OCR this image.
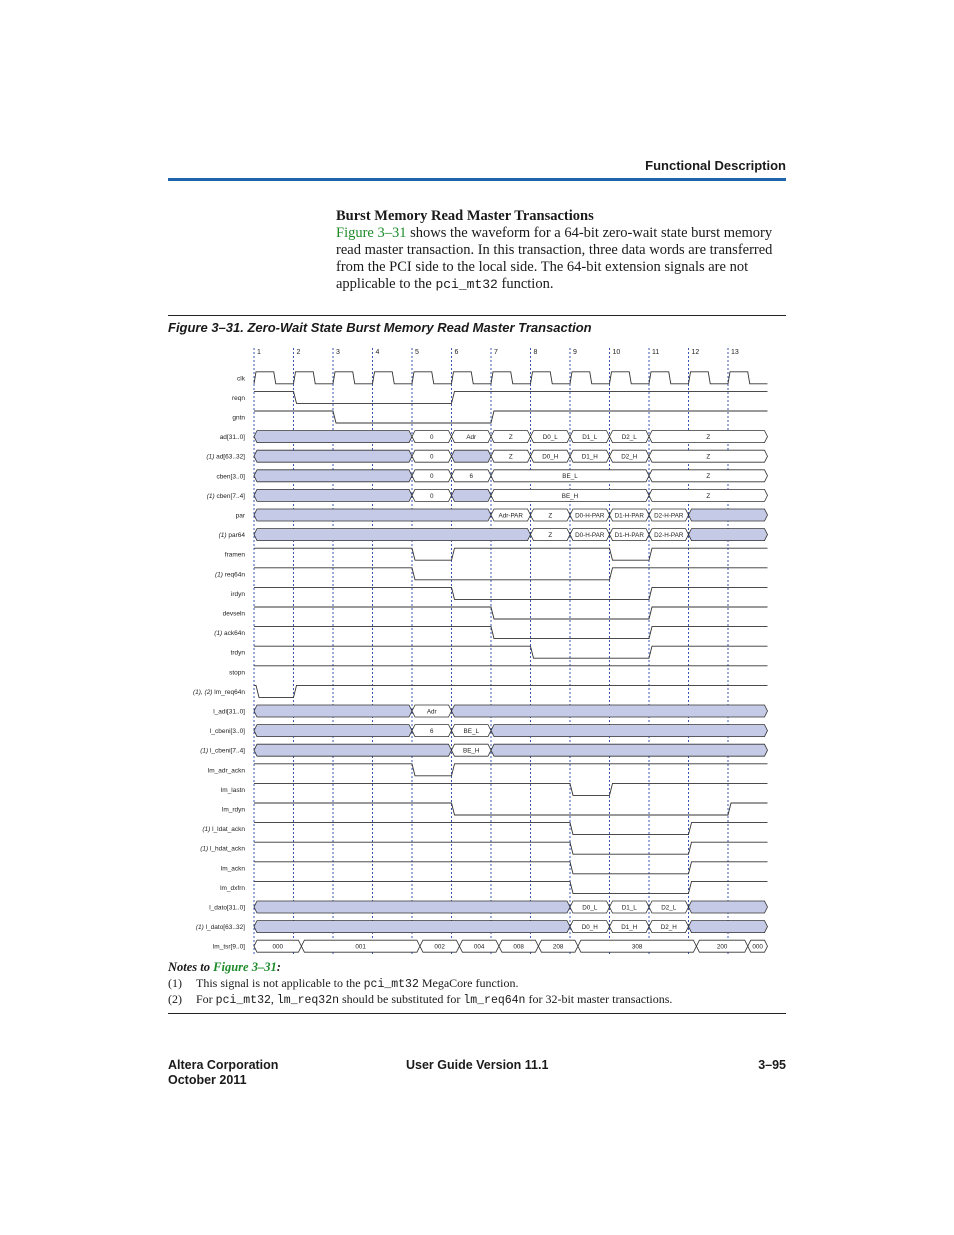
Functional Description
Burst Memory Read Master Transactions

Figure 3–31 shows the waveform for a 64-bit zero-wait state burst memory read master transaction. In this transaction, three data words are transferred from the PCI side to the local side. The 64-bit extension signals are not applicable to the pci_mt32 function.

Figure 3–31. Zero-Wait State Burst Memory Read Master Transaction
1	2	3	4	5	6	7	8	9	10	11	12	13
clk
reqn
gntn
ad[31..0]	0	Adr	Z	D0_L	D1_L	D2_L	Z
(1) ad[63..32]	0	Z	D0_H	D1_H	D2_H	Z
cben[3..0]	0	6	BE_L	Z
(1) cben[7..4]	0	BE_H	Z
par	Adr-PAR	Z	D0-H-PAR D1-H-PAR D2-H-PAR
(1) par64	Z	D0-H-PAR D1-H-PAR D2-H-PAR
framen
(1) req64n
irdyn
devseln
(1) ack64n
trdyn
stopn
(1), (2) lm_req64n
l_adi[31..0]	Adr
l_cbeni[3..0]	6	BE_L
(1) l_cbeni[7..4]	BE_H
lm_adr_ackn
lm_lastn
lm_rdyn
(1) l_ldat_ackn
(1) l_hdat_ackn
lm_ackn
lm_dxfrn
l_dato[31..0]	D0_L	D1_L	D2_L
(1) l_dato[63..32]	D0_H	D1_H	D2_H
lm_tsr[9..0]	000	001	002	004	008	208	308	200	000
Notes to Figure 3–31:
(1)	This signal is not applicable to the pci_mt32 MegaCore function.
(2)	For pci_mt32, lm_req32n should be substituted for lm_req64n for 32-bit master transactions.
Altera Corporation
October 2011
User Guide Version 11.1	3–95
